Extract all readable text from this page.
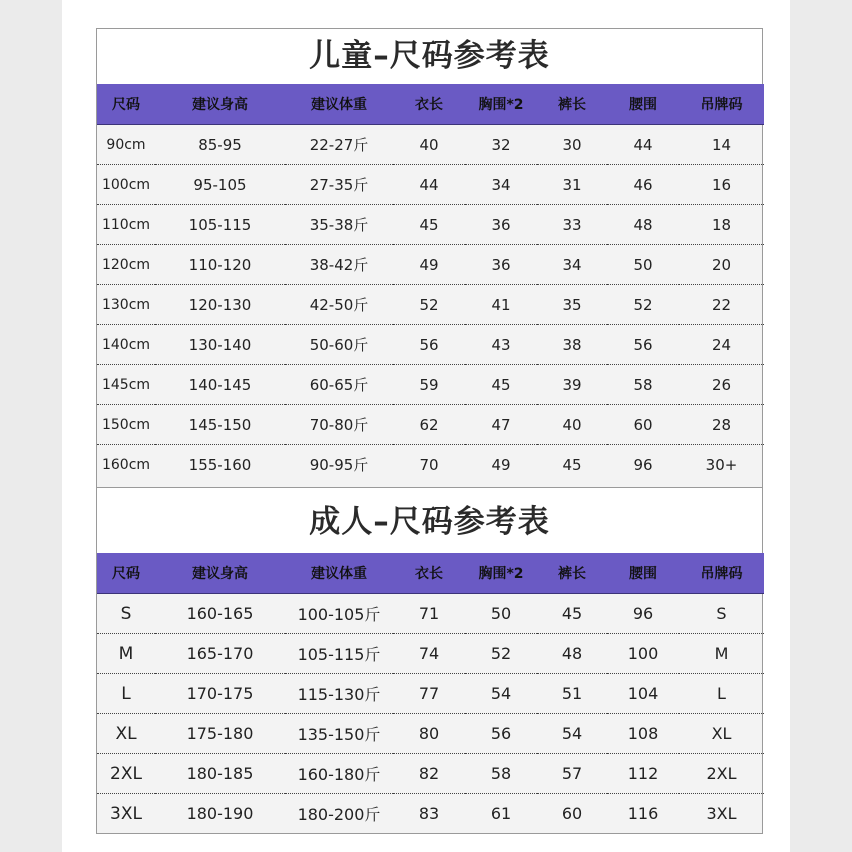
儿童–尺码参考表
尺码	建议身高	建议体重	衣长	胸围*2	裤长	腰围	吊牌码
90cm	85-95	22-27斤	40	32	30	44	14
100cm	95-105	27-35斤	44	34	31	46	16
110cm	105-115	35-38斤	45	36	33	48	18
120cm	110-120	38-42斤	49	36	34	50	20
130cm	120-130	42-50斤	52	41	35	52	22
140cm	130-140	50-60斤	56	43	38	56	24
145cm	140-145	60-65斤	59	45	39	58	26
150cm	145-150	70-80斤	62	47	40	60	28
160cm	155-160	90-95斤	70	49	45	96	30+
成人–尺码参考表
尺码	建议身高	建议体重	衣长	胸围*2	裤长	腰围	吊牌码
S	160-165	100-105斤	71	50	45	96	S
M	165-170	105-115斤	74	52	48	100	M
L	170-175	115-130斤	77	54	51	104	L
XL	175-180	135-150斤	80	56	54	108	XL
2XL	180-185	160-180斤	82	58	57	112	2XL
3XL	180-190	180-200斤	83	61	60	116	3XL
